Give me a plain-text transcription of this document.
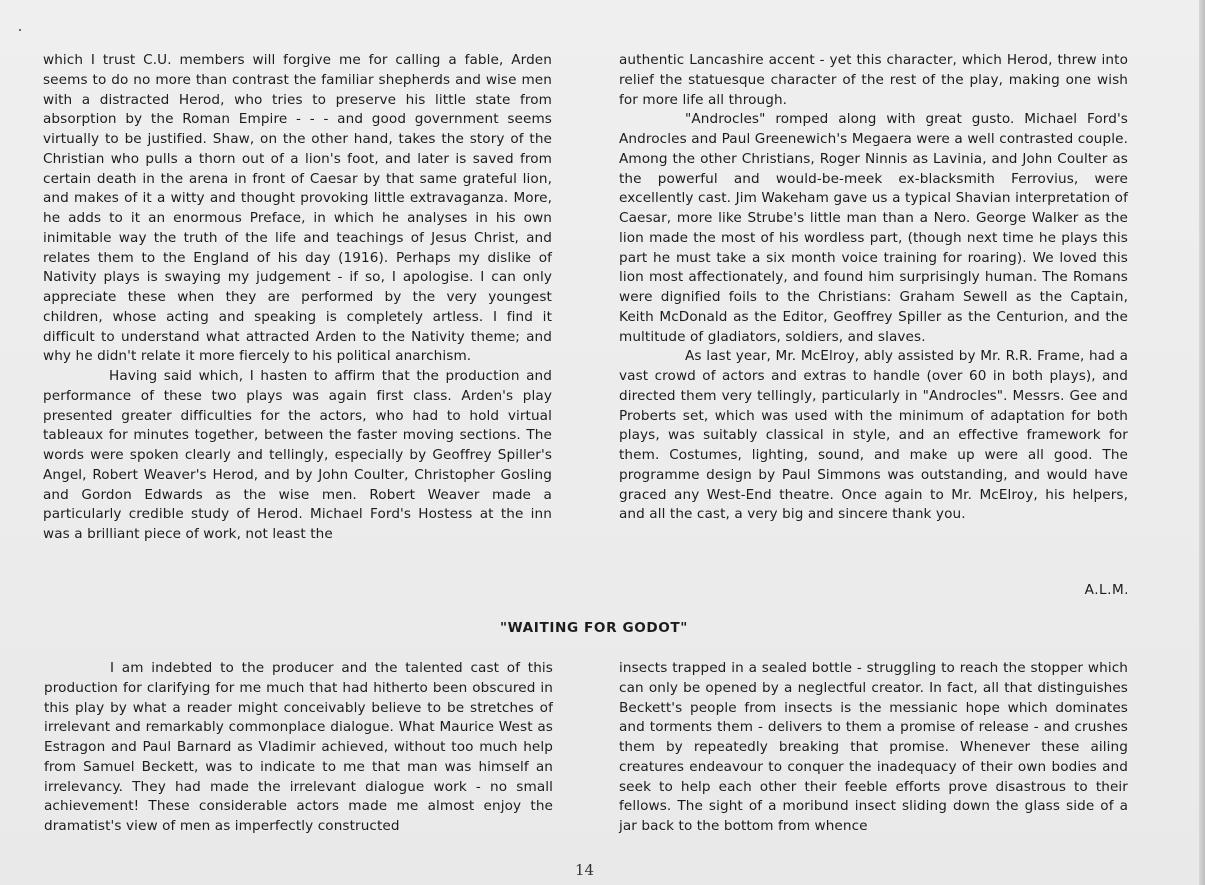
which I trust C.U. members will forgive me for calling a fable, Arden seems to do no more than contrast the familiar shepherds and wise men with a distracted Herod, who tries to preserve his little state from absorption by the Roman Empire - - - and good government seems virtually to be justified. Shaw, on the other hand, takes the story of the Christian who pulls a thorn out of a lion's foot, and later is saved from certain death in the arena in front of Caesar by that same grateful lion, and makes of it a witty and thought provoking little extravaganza. More, he adds to it an enormous Preface, in which he analyses in his own inimitable way the truth of the life and teachings of Jesus Christ, and relates them to the England of his day (1916). Perhaps my dislike of Nativity plays is swaying my judgement - if so, I apologise. I can only appreciate these when they are performed by the very youngest children, whose acting and speaking is completely artless. I find it difficult to understand what attracted Arden to the Nativity theme; and why he didn't relate it more fiercely to his political anarchism.

Having said which, I hasten to affirm that the production and performance of these two plays was again first class. Arden's play presented greater difficulties for the actors, who had to hold virtual tableaux for minutes together, between the faster moving sections. The words were spoken clearly and tellingly, especially by Geoffrey Spiller's Angel, Robert Weaver's Herod, and by John Coulter, Christopher Gosling and Gordon Edwards as the wise men. Robert Weaver made a particularly credible study of Herod. Michael Ford's Hostess at the inn was a brilliant piece of work, not least the

authentic Lancashire accent - yet this character, which Herod, threw into relief the statuesque character of the rest of the play, making one wish for more life all through.

"Androcles" romped along with great gusto. Michael Ford's Androcles and Paul Greenewich's Megaera were a well contrasted couple. Among the other Christians, Roger Ninnis as Lavinia, and John Coulter as the powerful and would-be-meek ex-blacksmith Ferrovius, were excellently cast. Jim Wakeham gave us a typical Shavian interpretation of Caesar, more like Strube's little man than a Nero. George Walker as the lion made the most of his wordless part, (though next time he plays this part he must take a six month voice training for roaring). We loved this lion most affectionately, and found him surprisingly human. The Romans were dignified foils to the Christians: Graham Sewell as the Captain, Keith McDonald as the Editor, Geoffrey Spiller as the Centurion, and the multitude of gladiators, soldiers, and slaves.

As last year, Mr. McElroy, ably assisted by Mr. R.R. Frame, had a vast crowd of actors and extras to handle (over 60 in both plays), and directed them very tellingly, particularly in "Androcles". Messrs. Gee and Proberts set, which was used with the minimum of adaptation for both plays, was suitably classical in style, and an effective framework for them. Costumes, lighting, sound, and make up were all good. The programme design by Paul Simmons was outstanding, and would have graced any West-End theatre. Once again to Mr. McElroy, his helpers, and all the cast, a very big and sincere thank you.

A.L.M.
"WAITING FOR GODOT"

I am indebted to the producer and the talented cast of this production for clarifying for me much that had hitherto been obscured in this play by what a reader might conceivably believe to be stretches of irrelevant and remarkably commonplace dialogue. What Maurice West as Estragon and Paul Barnard as Vladimir achieved, without too much help from Samuel Beckett, was to indicate to me that man was himself an irrelevancy. They had made the irrelevant dialogue work - no small achievement! These considerable actors made me almost enjoy the dramatist's view of men as imperfectly constructed

insects trapped in a sealed bottle - struggling to reach the stopper which can only be opened by a neglectful creator. In fact, all that distinguishes Beckett's people from insects is the messianic hope which dominates and torments them - delivers to them a promise of release - and crushes them by repeatedly breaking that promise. Whenever these ailing creatures endeavour to conquer the inadequacy of their own bodies and seek to help each other their feeble efforts prove disastrous to their fellows. The sight of a moribund insect sliding down the glass side of a jar back to the bottom from whence

14
